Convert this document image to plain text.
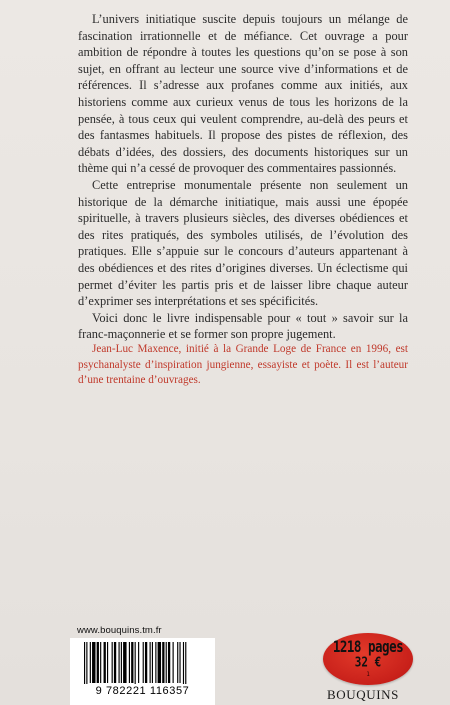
L’univers initiatique suscite depuis toujours un mélange de fascination irrationnelle et de méfiance. Cet ouvrage a pour ambition de répondre à toutes les questions qu’on se pose à son sujet, en offrant au lecteur une source vive d’informations et de références. Il s’adresse aux profanes comme aux initiés, aux historiens comme aux curieux venus de tous les horizons de la pensée, à tous ceux qui veulent comprendre, au-delà des peurs et des fantasmes habituels. Il propose des pistes de réflexion, des débats d’idées, des dossiers, des documents historiques sur un thème qui n’a cessé de provoquer des commentaires passionnés.

Cette entreprise monumentale présente non seulement un historique de la démarche initiatique, mais aussi une épopée spirituelle, à travers plusieurs siècles, des diverses obédiences et des rites pratiqués, des symboles utilisés, de l’évolution des pratiques. Elle s’appuie sur le concours d’auteurs appartenant à des obédiences et des rites d’origines diverses. Un éclectisme qui permet d’éviter les partis pris et de laisser libre chaque auteur d’exprimer ses interprétations et ses spécificités.

Voici donc le livre indispensable pour « tout » savoir sur la franc-maçonnerie et se former son propre jugement.

Jean-Luc Maxence, initié à la Grande Loge de France en 1996, est psychanalyste d’inspiration jungienne, essayiste et poète. Il est l’auteur d’une trentaine d’ouvrages.

www.bouquins.tm.fr
9 782221 116357
1218 pages
32 €
1
BOUQUINS
